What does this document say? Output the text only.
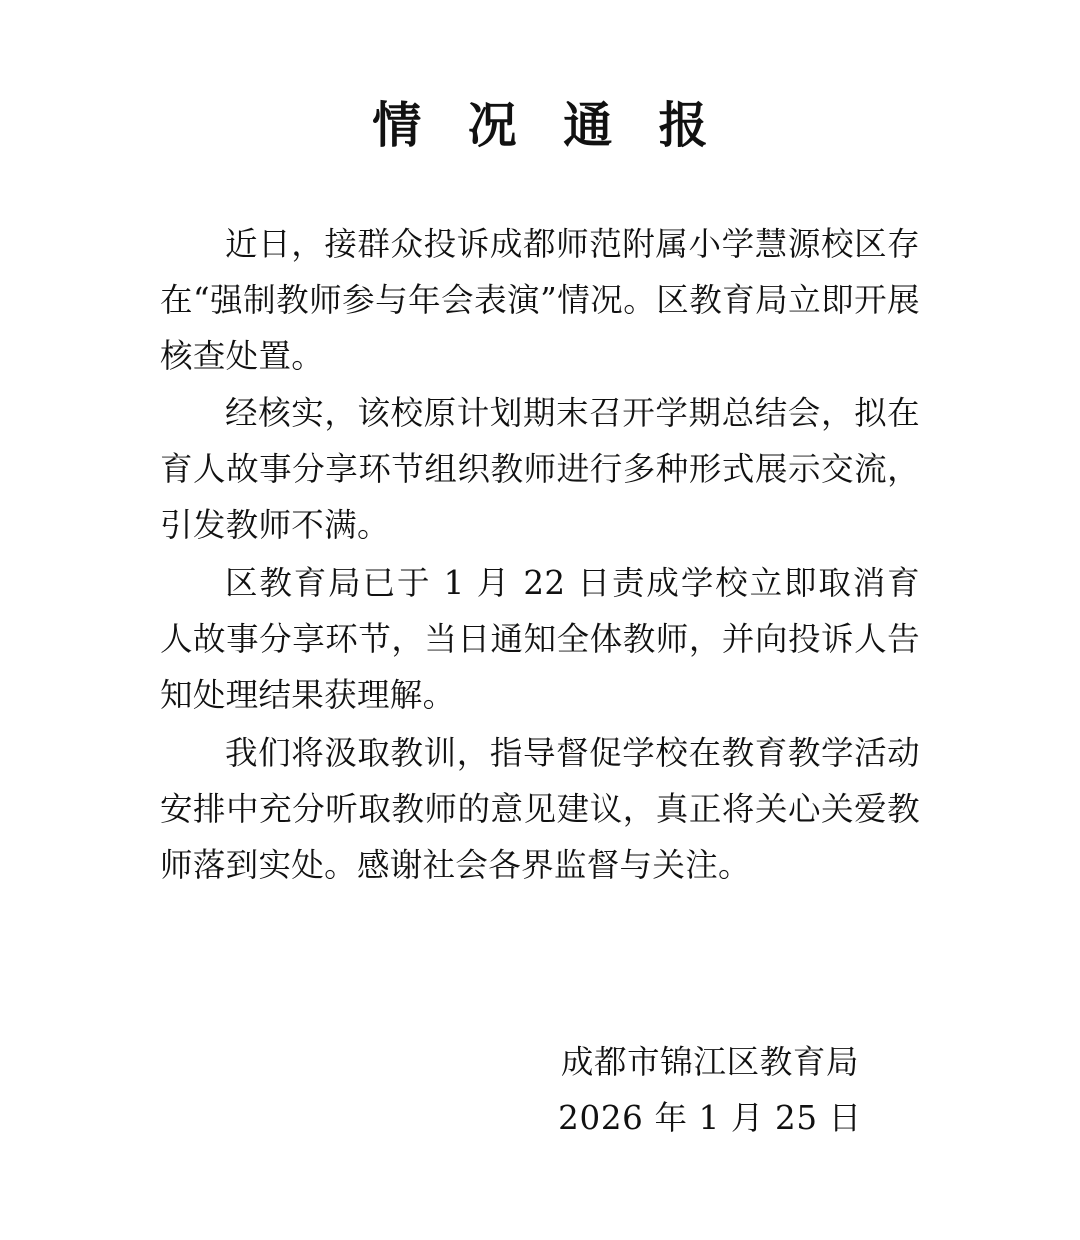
情 况 通 报

近日，接群众投诉成都师范附属小学慧源校区存在“强制教师参与年会表演”情况。区教育局立即开展核查处置。

经核实，该校原计划期末召开学期总结会，拟在育人故事分享环节组织教师进行多种形式展示交流，引发教师不满。

区教育局已于 1 月 22 日责成学校立即取消育人故事分享环节，当日通知全体教师，并向投诉人告知处理结果获理解。

我们将汲取教训，指导督促学校在教育教学活动安排中充分听取教师的意见建议，真正将关心关爱教师落到实处。感谢社会各界监督与关注。

成都市锦江区教育局
2026 年 1 月 25 日
